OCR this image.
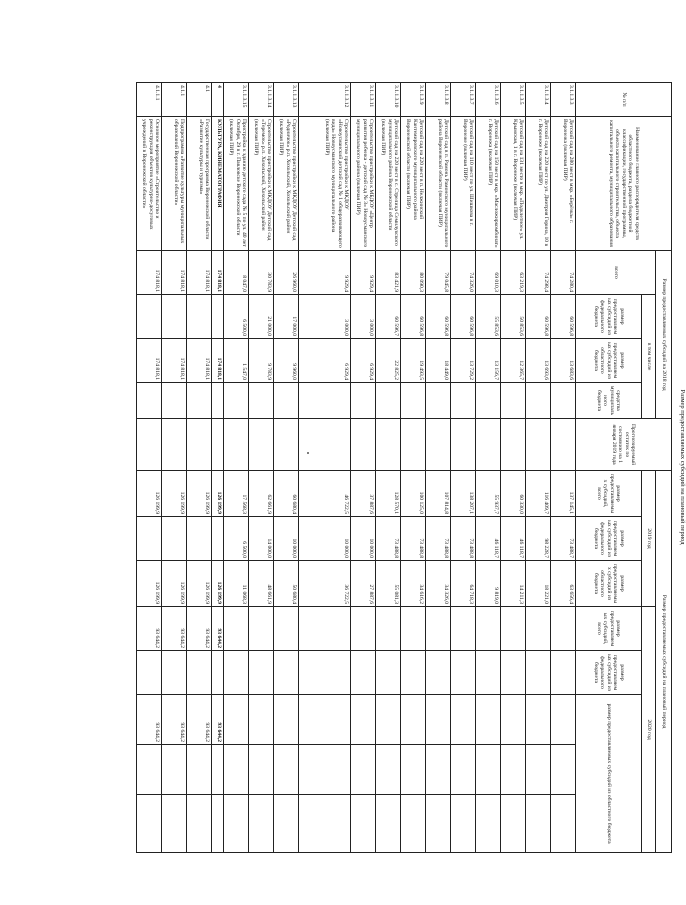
Размер предоставляемых субсидий на плановый период
№ п/п	Наименование главного распорядителя средств областного бюджета, раздела бюджетной классификации, государственной программы, объекта капитального строительства, объекта капитального ремонта, муниципального образования	Размер предоставляемых субсидий на 2018 год				Прогнозируемый остаток по состоянию на 1 января 2019 года	Размер предоставляемых субсидий на плановый период							
		всего	в том числе				2019 год			2020 год				
			размер предоставляемых субсидий из федерального бюджета	размер предоставляемых субсидий из областного бюджета	средства муниципального бюджета		размер предоставляемых субсидий, всего	размер предоставляемых субсидий из федерального бюджета	размер предоставляемых субсидий из областного бюджета	размер предоставляемых субсидий, всего	размер предоставляемых субсидий из федерального бюджета	размер предоставляемых субсидий из областного бюджета		
3.1.1.3.3	Детский сад на 280 мест в мкр. «Берёзка» г. Воронежа (включая ПИР)	74 280,4	60 596,8	13 683,6			137 145,1	73 488,7	63 656,4					
3.1.1.3.4	Детский сад на 220 мест по ул. Дмитрия Горина, 10 в г. Воронеже (включая ПИР)	74 298,4	60 596,8	13 693,6			116 409,7	98 228,7	18 221,0					
3.1.1.3.5	Детский сад на 131 место в мкр. «Подклетное» ул. Крымская, 1 в г. Воронеже (включая ПИР)	63 219,3	50 853,6	12 365,7			60 330,0	46 118,7	14 211,3					
3.1.1.3.6	Детский сад на 150 мест в мкр. «Масложиркомбинат» г. Воронежа (включая ПИР)	69 010,3	55 853,6	13 156,7			55 937,7	46 118,7	9 819,0					
3.1.1.3.7	Детский сад на 110 мест по ул. Шишкова в г. Воронеже (включая ПИР)	74 326,0	60 596,8	13 729,2			138 207,1	73 488,8	64 718,3					
3.1.1.3.8	Детский сад в п. Рамонь Рамонского муниципального района Воронежской области (включая ПИР)	79 045,8	60 596,8	18 449,0			107 814,8	73 488,8	34 326,0					
3.1.1.3.9	Детский сад на 220 мест в п. Нелжинский Кантемировского муниципального района Воронежской области (включая ПИР)	80 090,3	60 596,8	19 493,5			100 125,0	73 488,8	34 616,2					
3.1.1.3.10	Детский сад на 220 мест в с. Стрелица Семилукского муниципального района Воронежской области (включая ПИР)	83 421,9	60 596,7	22 825,2			128 570,1	73 488,8	55 081,3					
3.1.1.3.11	Строительство пристройки к МБДОУ «Центр развития ребенка - детский сад № 3» Новоусманского муниципального района (включая ПИР)	9 929,4	3 000,0	6 929,4			37 887,6	10 000,0	27 887,6					
3.1.1.3.12	Строительство пристройки к МКДОУ «Новоусманский детский сад № 1 общеразвивающего вида» Новоусманского муниципального района (включая ПИР)	9 929,4	3 000,0	6 929,4			46 722,5	10 000,0	36 722,5					
3.1.1.3.13	Строительство пристройки к МКДОУ Детский сад «Родничок» р.п. Хохольский, Хохольский район (включая ПИР)	26 960,0	17 000,0	9 960,0			60 680,4	10 000,0	50 680,4					
3.1.1.3.14	Строительство пристройки к МКДОУ Детский сад «Теремок» р.п. Хохольский, Хохольский район (включая ПИР)	30 783,9	21 000,0	9 783,9			62 661,9	14 000,0	48 661,9					
3.1.1.3.15	Пристройка к зданию детского сада № 5 по ул. 40 лет Октября, 29 в г. Павловске Воронежской области (включая ПИР)	8 047,0	6 500,0	1 547,0			17 568,3	6 500,0	11 068,3					
4	КУЛЬТУРА, КИНЕМАТОГРАФИЯ	174 818,1		174 818,1			126 199,9		126 199,9	93 644,2		93 644,2		
4.1	Государственная программа Воронежской области «Развитие культуры и туризма»	174 818,1		174 818,1			126 199,9		126 199,9	93 644,2		93 644,2		
4.1.1	Подпрограмма «Развитие культуры муниципальных образований Воронежской области»	174 818,1		174 818,1			126 199,9		126 199,9	93 644,2		93 644,2		
4.1.1.1	Основное мероприятие «Строительство и реконструкция объектов культурно-досуговых учреждений в Воронежской области»	174 818,1		174 818,1			126 199,9		126 199,9	93 644,2		93 644,2		
